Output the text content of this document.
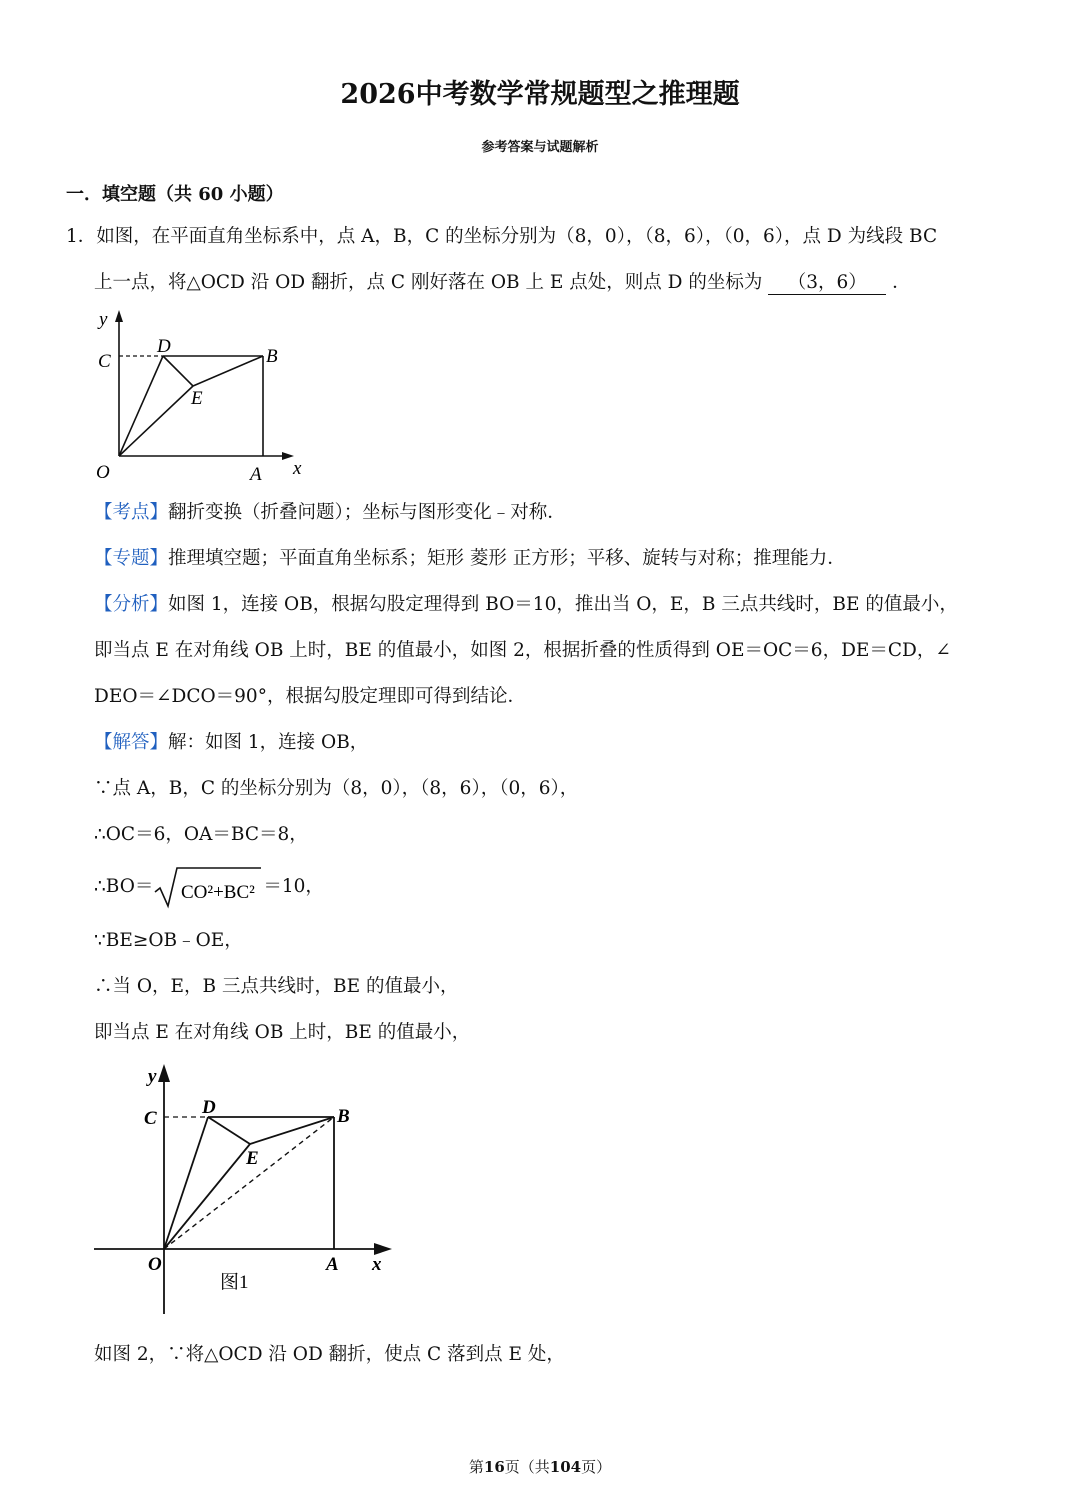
2026中考数学常规题型之推理题
参考答案与试题解析
一．填空题（共 60 小题）
1．如图，在平面直角坐标系中，点 A，B，C 的坐标分别为（8，0），（8，6），（0，6），点 D 为线段 BC
上一点，将△OCD 沿 OD 翻折，点 C 刚好落在 OB 上 E 点处，则点 D 的坐标为 （3，6） ．
y
C
D	B
E
O	A x
【考点】翻折变换（折叠问题）；坐标与图形变化﹣对称．
【专题】推理填空题；平面直角坐标系；矩形 菱形 正方形；平移、旋转与对称；推理能力．
【分析】如图 1，连接 OB，根据勾股定理得到 BO＝10，推出当 O，E，B 三点共线时，BE 的值最小，
即当点 E 在对角线 OB 上时，BE 的值最小，如图 2，根据折叠的性质得到 OE＝OC＝6，DE＝CD，∠
DEO＝∠DCO＝90°，根据勾股定理即可得到结论．
【解答】解：如图 1，连接 OB，
∵点 A，B，C 的坐标分别为（8，0），（8，6），（0，6），
∴OC＝6，OA＝BC＝8，
∴BO＝ CO²+BC² ＝10，
∵BE≥OB﹣OE，
∴当 O，E，B 三点共线时，BE 的值最小，
即当点 E 在对角线 OB 上时，BE 的值最小，
y
C
D	B
E
O	A x
图1
如图 2，∵将△OCD 沿 OD 翻折，使点 C 落到点 E 处，
第16页（共104页）
